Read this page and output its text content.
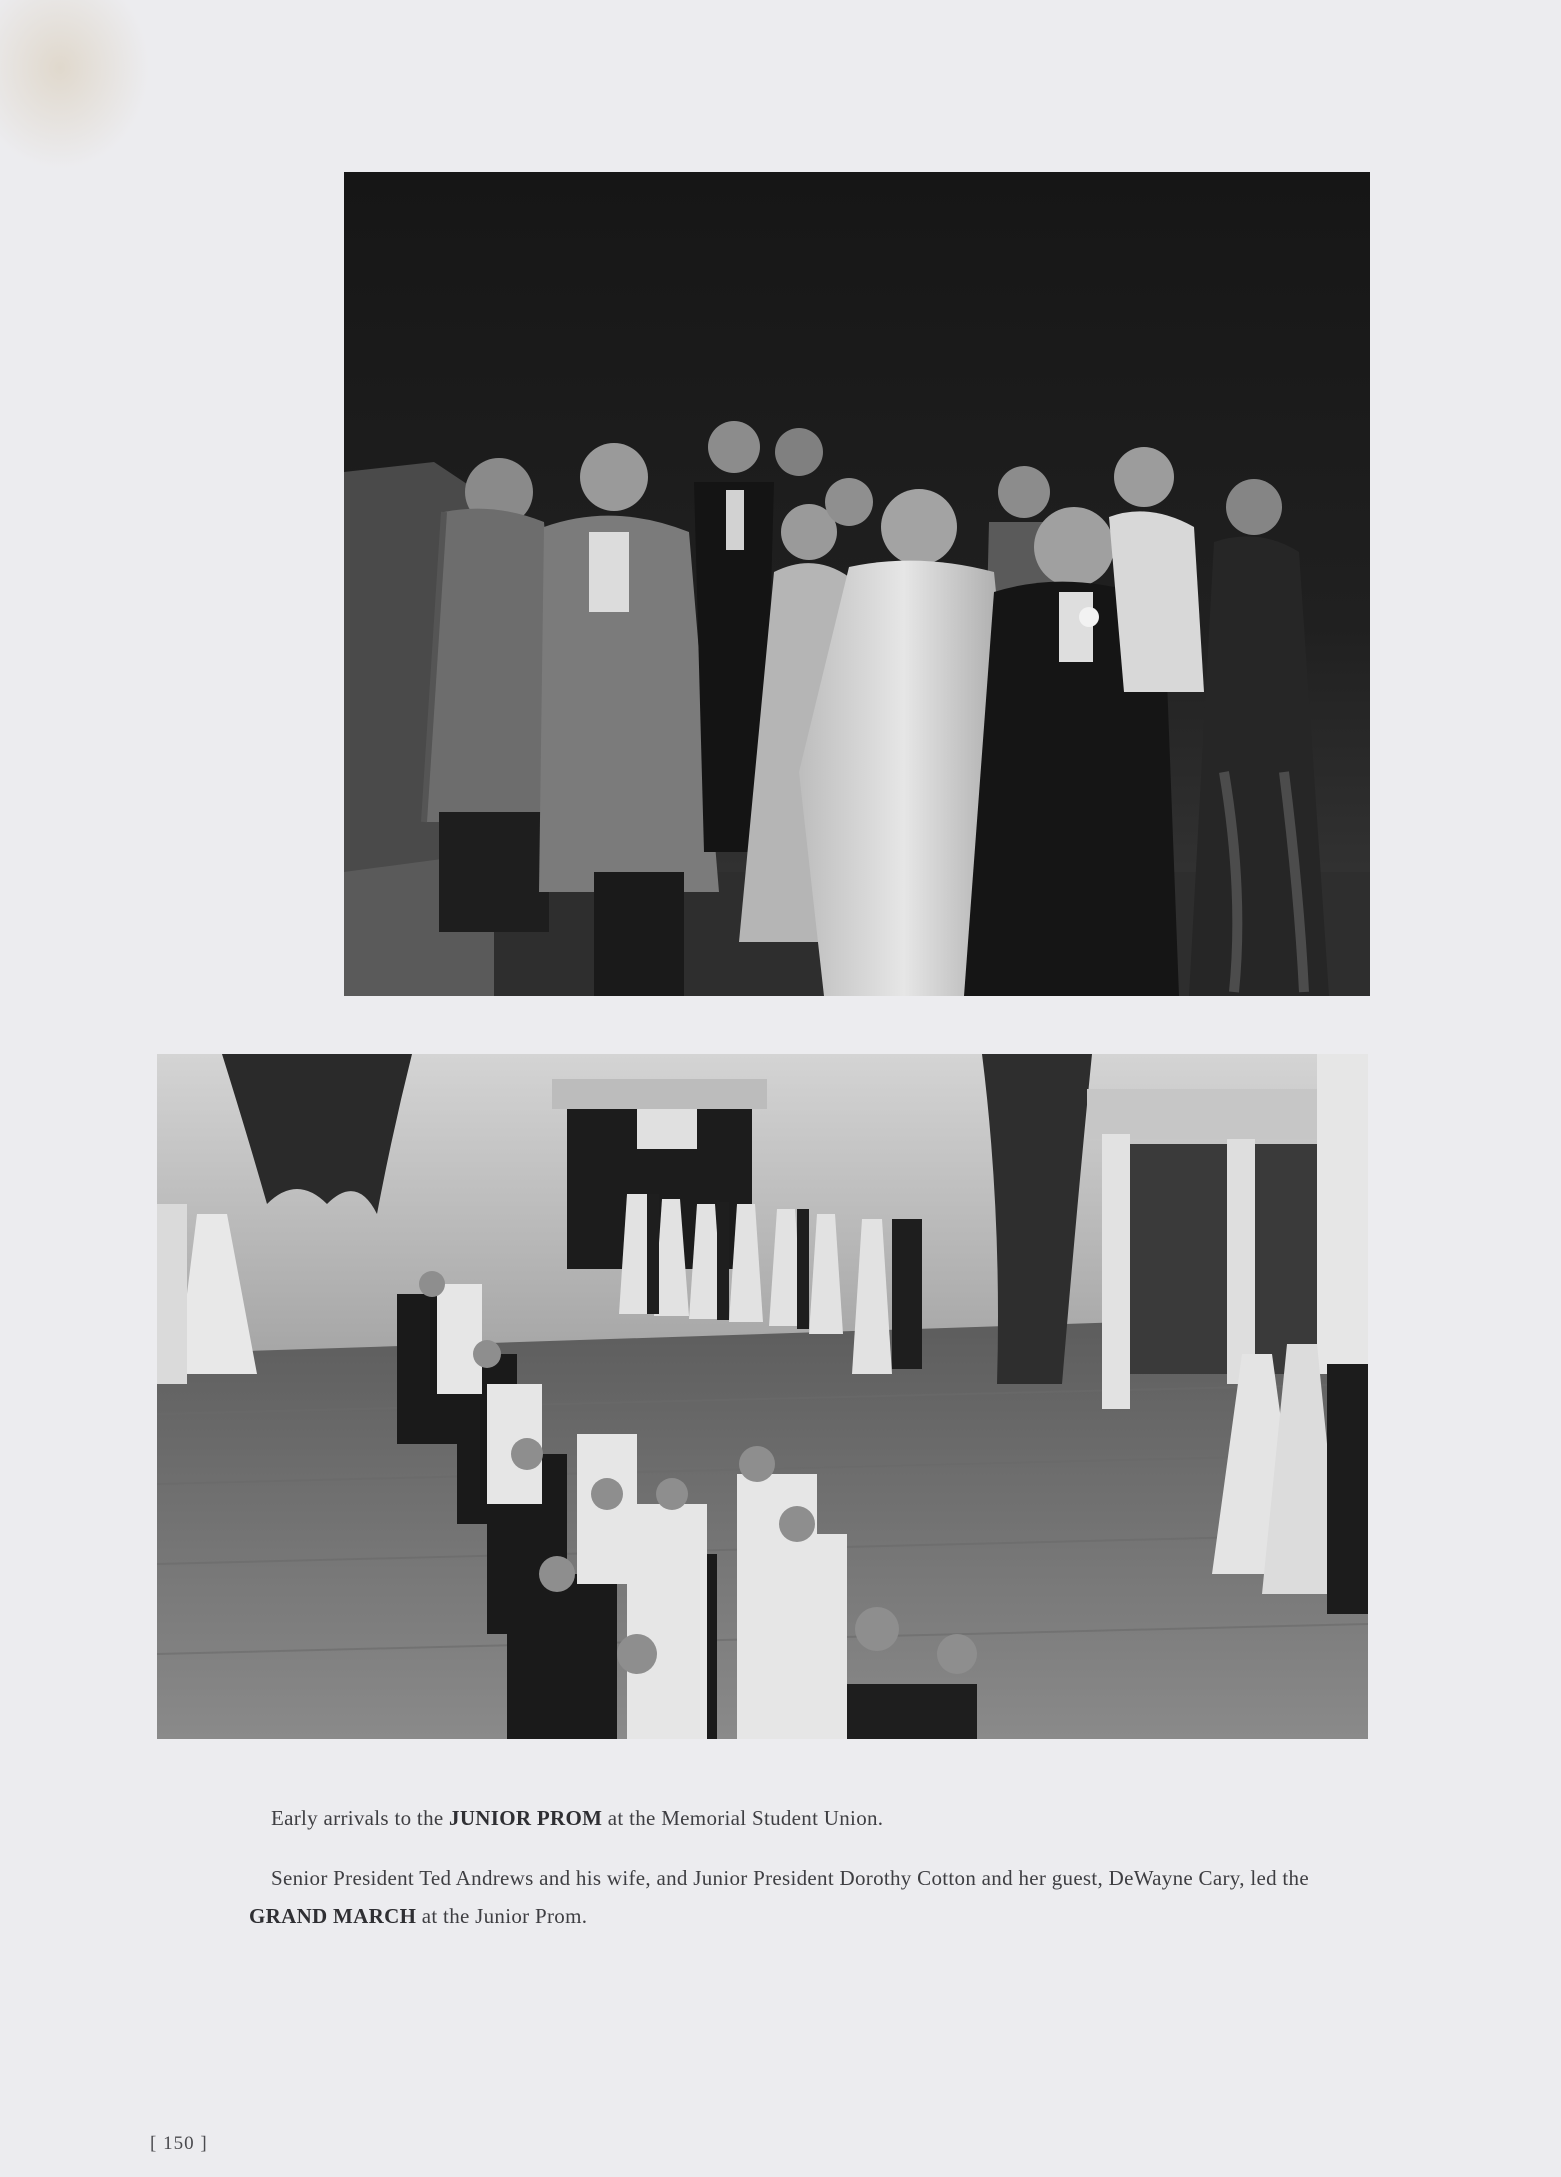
Early arrivals to the JUNIOR PROM at the Memorial Student Union.

Senior President Ted Andrews and his wife, and Junior President Dorothy Cotton and her guest, DeWayne Cary, led the GRAND MARCH at the Junior Prom.

[ 150 ]
